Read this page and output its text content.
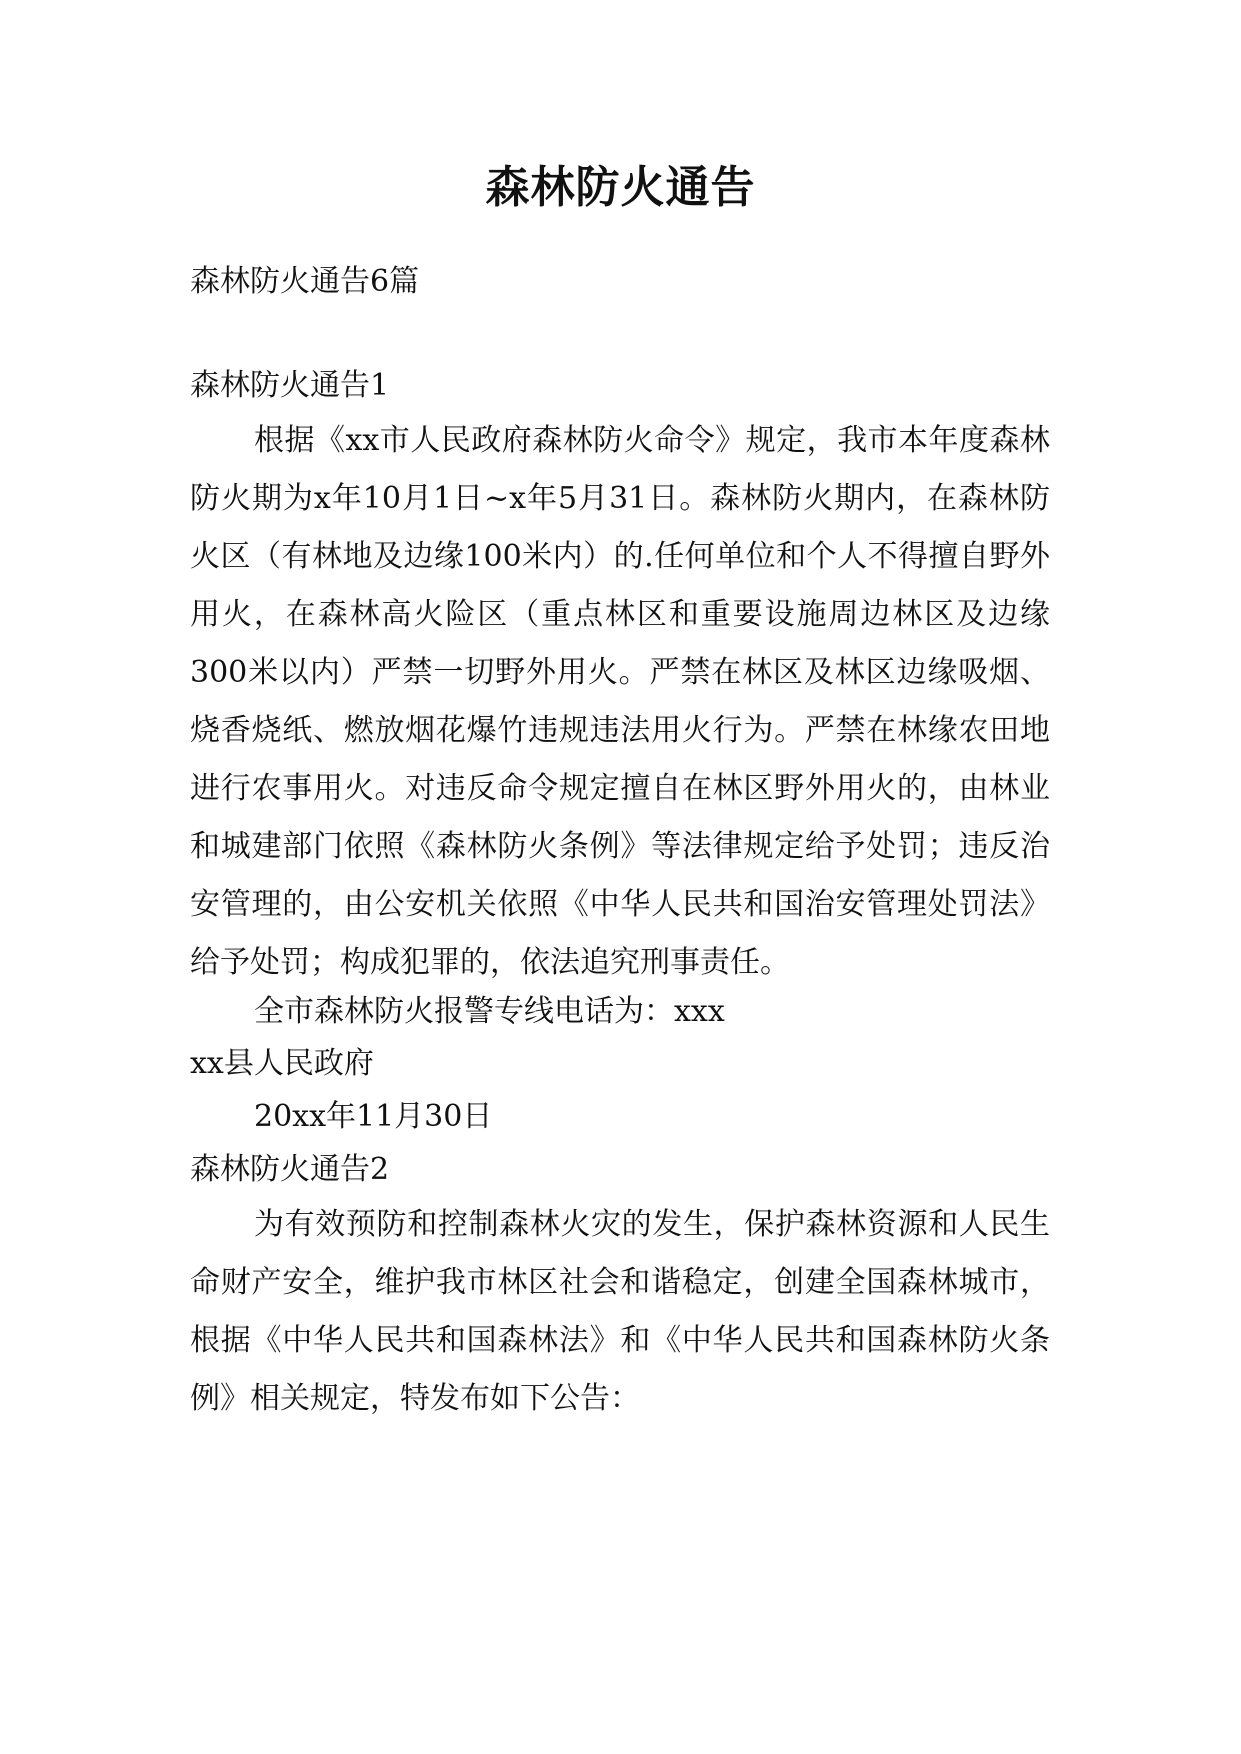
森林防火通告
森林防火通告6篇
森林防火通告1

根据《xx市人民政府森林防火命令》规定，我市本年度森林防火期为x年10月1日~x年5月31日。森林防火期内，在森林防火区（有林地及边缘100米内）的.任何单位和个人不得擅自野外用火，在森林高火险区（重点林区和重要设施周边林区及边缘300米以内）严禁一切野外用火。严禁在林区及林区边缘吸烟、烧香烧纸、燃放烟花爆竹违规违法用火行为。严禁在林缘农田地进行农事用火。对违反命令规定擅自在林区野外用火的，由林业和城建部门依照《森林防火条例》等法律规定给予处罚；违反治安管理的，由公安机关依照《中华人民共和国治安管理处罚法》给予处罚；构成犯罪的，依法追究刑事责任。

全市森林防火报警专线电话为：xxx
xx县人民政府
20xx年11月30日
森林防火通告2

为有效预防和控制森林火灾的发生，保护森林资源和人民生命财产安全，维护我市林区社会和谐稳定，创建全国森林城市，根据《中华人民共和国森林法》和《中华人民共和国森林防火条例》相关规定，特发布如下公告：
